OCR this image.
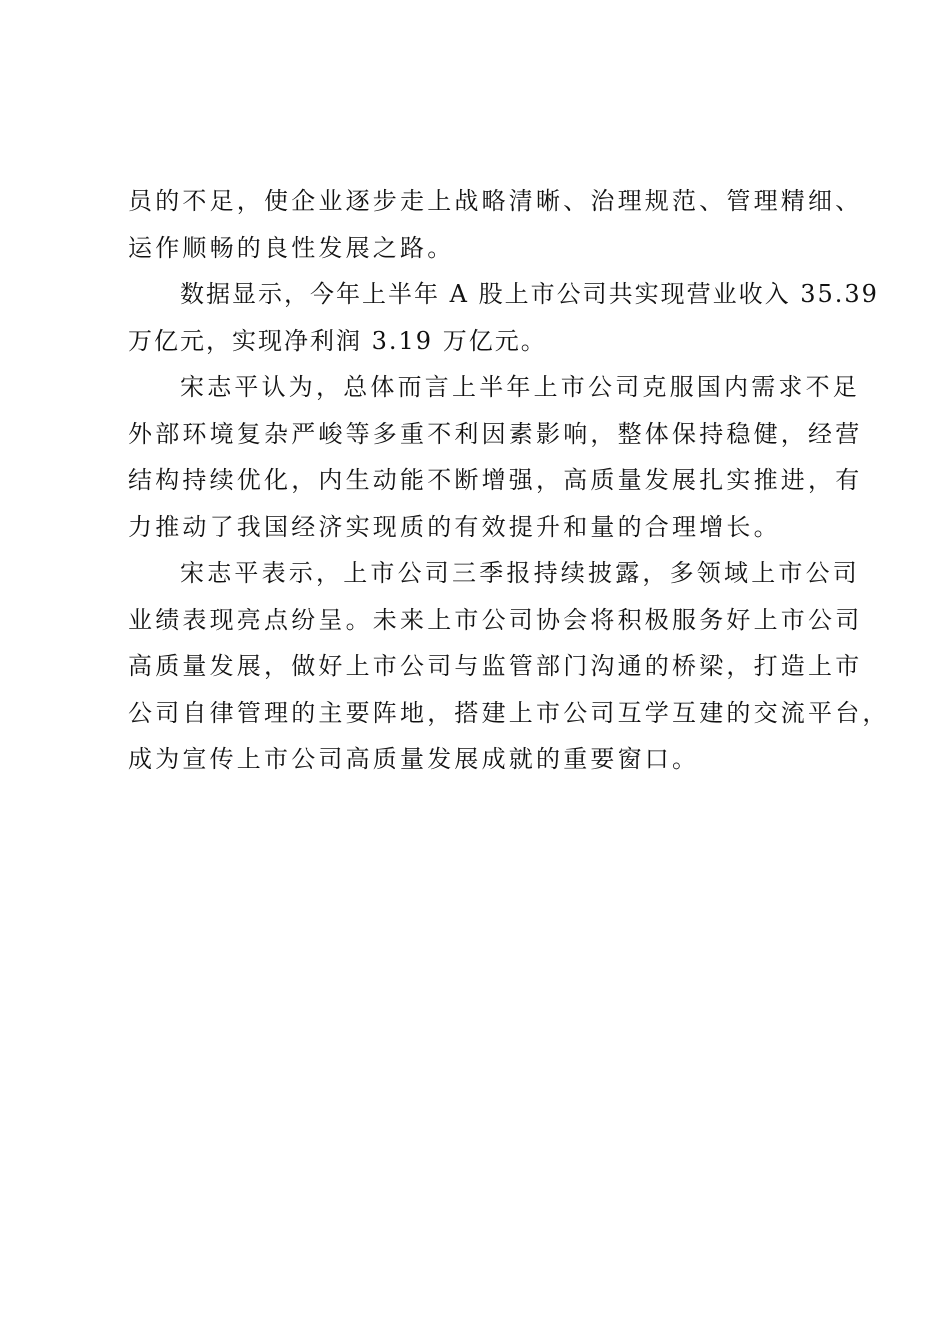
员的不足，使企业逐步走上战略清晰、治理规范、管理精细、
运作顺畅的良性发展之路。
数据显示，今年上半年 A 股上市公司共实现营业收入 35.39
万亿元，实现净利润 3.19 万亿元。
宋志平认为，总体而言上半年上市公司克服国内需求不足
外部环境复杂严峻等多重不利因素影响，整体保持稳健，经营
结构持续优化，内生动能不断增强，高质量发展扎实推进，有
力推动了我国经济实现质的有效提升和量的合理增长。
宋志平表示，上市公司三季报持续披露，多领域上市公司
业绩表现亮点纷呈。未来上市公司协会将积极服务好上市公司
高质量发展，做好上市公司与监管部门沟通的桥梁，打造上市
公司自律管理的主要阵地，搭建上市公司互学互建的交流平台，
成为宣传上市公司高质量发展成就的重要窗口。
